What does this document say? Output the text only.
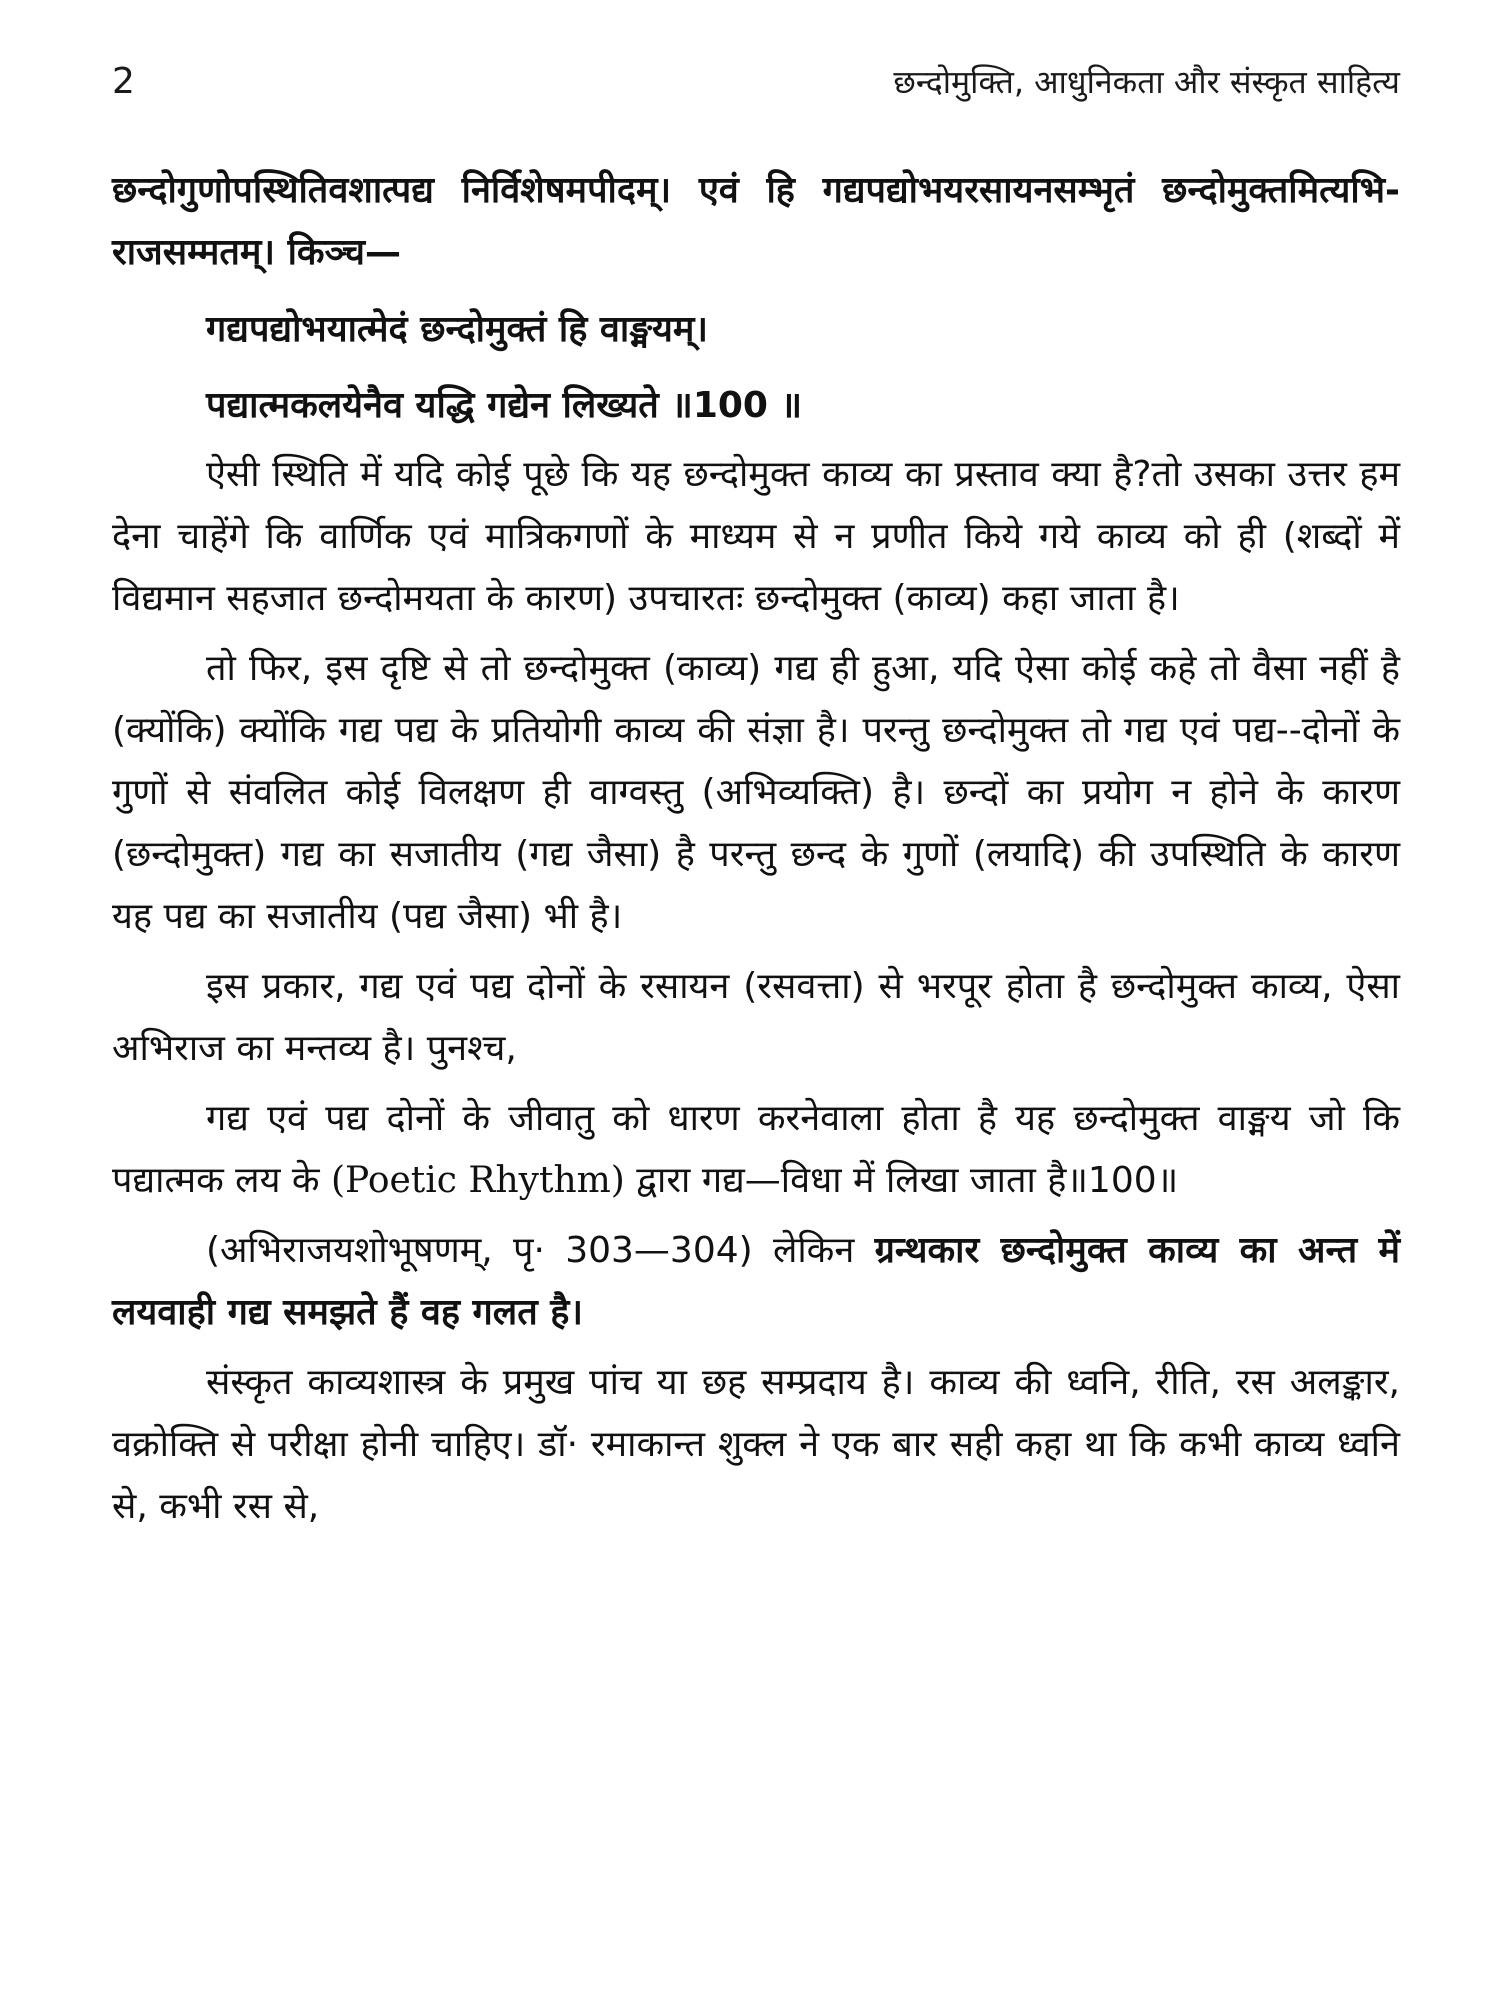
2	छन्दोमुक्ति, आधुनिकता और संस्कृत साहित्य

छन्दोगुणोपस्थितिवशात्पद्य निर्विशेषमपीदम्। एवं हि गद्यपद्योभयरसायनसम्भृतं छन्दोमुक्तमित्यभि- राजसम्मतम्। किञ्च—

गद्यपद्योभयात्मेदं छन्दोमुक्तं हि वाङ्मयम्।

पद्यात्मकलयेनैव यद्धि गद्येन लिख्यते ॥100 ॥

ऐसी स्थिति में यदि कोई पूछे कि यह छन्दोमुक्त काव्य का प्रस्ताव क्या है?तो उसका उत्तर हम देना चाहेंगे कि वार्णिक एवं मात्रिकगणों के माध्यम से न प्रणीत किये गये काव्य को ही (शब्दों में विद्यमान सहजात छन्दोमयता के कारण) उपचारतः छन्दोमुक्त (काव्य) कहा जाता है।

तो फिर, इस दृष्टि से तो छन्दोमुक्त (काव्य) गद्य ही हुआ, यदि ऐसा कोई कहे तो वैसा नहीं है (क्योंकि) क्योंकि गद्य पद्य के प्रतियोगी काव्य की संज्ञा है। परन्तु छन्दोमुक्त तो गद्य एवं पद्य--दोनों के गुणों से संवलित कोई विलक्षण ही वाग्वस्तु (अभिव्यक्ति) है। छन्दों का प्रयोग न होने के कारण (छन्दोमुक्त) गद्य का सजातीय (गद्य जैसा) है परन्तु छन्द के गुणों (लयादि) की उपस्थिति के कारण यह पद्य का सजातीय (पद्य जैसा) भी है।

इस प्रकार, गद्य एवं पद्य दोनों के रसायन (रसवत्ता) से भरपूर होता है छन्दोमुक्त काव्य, ऐसा अभिराज का मन्तव्य है। पुनश्च,

गद्य एवं पद्य दोनों के जीवातु को धारण करनेवाला होता है यह छन्दोमुक्त वाङ्मय जो कि पद्यात्मक लय के (Poetic Rhythm) द्वारा गद्य—विधा में लिखा जाता है॥100॥

(अभिराजयशोभूषणम्, पृ· 303—304) लेकिन ग्रन्थकार छन्दोमुक्त काव्य का अन्त में लयवाही गद्य समझते हैं वह गलत है।

संस्कृत काव्यशास्त्र के प्रमुख पांच या छह सम्प्रदाय है। काव्य की ध्वनि, रीति, रस अलङ्कार, वक्रोक्ति से परीक्षा होनी चाहिए। डॉ· रमाकान्त शुक्ल ने एक बार सही कहा था कि कभी काव्य ध्वनि से, कभी रस से,
